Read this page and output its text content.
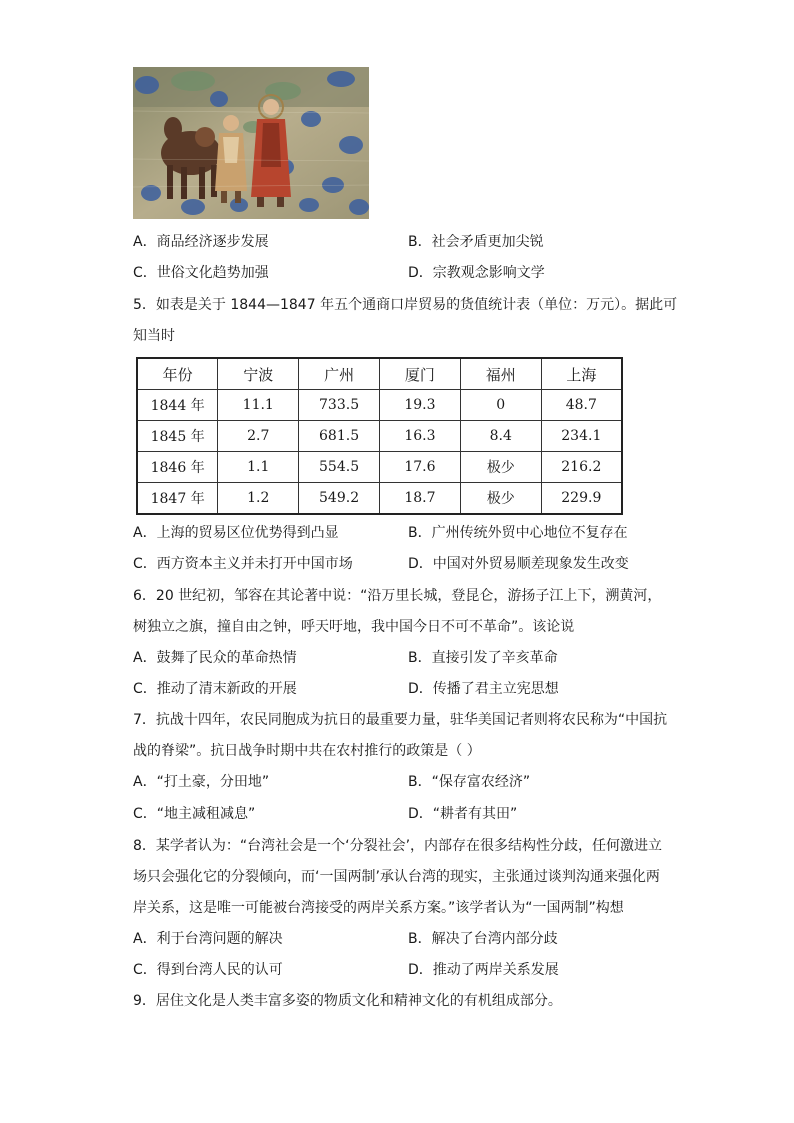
A．商品经济逐步发展	B．社会矛盾更加尖锐
C．世俗文化趋势加强	D．宗教观念影响文学
5．如表是关于 1844—1847 年五个通商口岸贸易的货值统计表（单位：万元）。据此可
知当时
年份	宁波	广州	厦门	福州	上海
1844 年	11.1	733.5	19.3	0	48.7
1845 年	2.7	681.5	16.3	8.4	234.1
1846 年	1.1	554.5	17.6	极少	216.2
1847 年	1.2	549.2	18.7	极少	229.9
A．上海的贸易区位优势得到凸显	B．广州传统外贸中心地位不复存在
C．西方资本主义并未打开中国市场	D．中国对外贸易顺差现象发生改变
6．20 世纪初，邹容在其论著中说：“沿万里长城，登昆仑，游扬子江上下，溯黄河，
树独立之旗，撞自由之钟，呼天吁地，我中国今日不可不革命”。该论说
A．鼓舞了民众的革命热情	B．直接引发了辛亥革命
C．推动了清末新政的开展	D．传播了君主立宪思想
7．抗战十四年，农民同胞成为抗日的最重要力量，驻华美国记者则将农民称为“中国抗
战的脊梁”。抗日战争时期中共在农村推行的政策是（ ）
A．“打土豪，分田地”	B．“保存富农经济”
C．“地主减租减息”	D．“耕者有其田”
8．某学者认为：“台湾社会是一个‘分裂社会’，内部存在很多结构性分歧，任何激进立
场只会强化它的分裂倾向，而‘一国两制’承认台湾的现实，主张通过谈判沟通来强化两
岸关系，这是唯一可能被台湾接受的两岸关系方案。”该学者认为“一国两制”构想
A．利于台湾问题的解决	B．解决了台湾内部分歧
C．得到台湾人民的认可	D．推动了两岸关系发展
9．居住文化是人类丰富多姿的物质文化和精神文化的有机组成部分。
